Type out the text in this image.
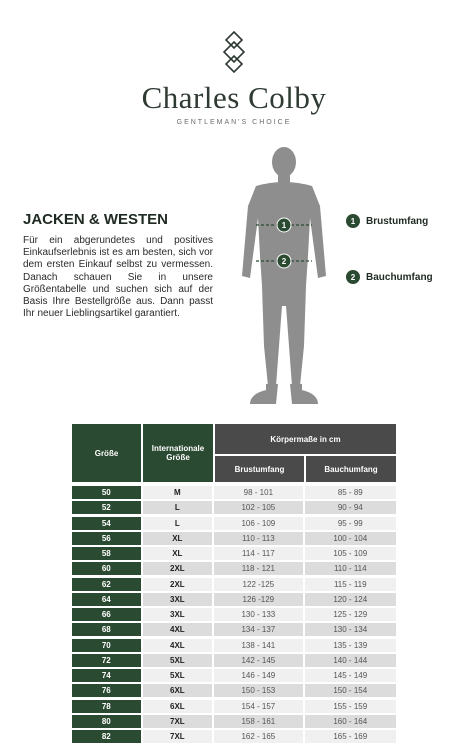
Charles Colby
GENTLEMAN'S CHOICE
JACKEN & WESTEN
Für ein abgerundetes und positives Einkaufserlebnis ist es am besten, sich vor dem ersten Einkauf selbst zu vermessen. Danach schauen Sie in unsere Größentabelle und suchen sich auf der Basis Ihre Bestellgröße aus. Dann passt Ihr neuer Lieblingsartikel garantiert.
1
2
1	Brustumfang
2	Bauchumfang
Größe	Internationale Größe
Körpermaße in cm
Brustumfang	Bauchumfang
50	M	98 - 101	85 - 89
52	L	102 - 105	90 - 94
54	L	106 - 109	95 - 99
56	XL	110 - 113	100 - 104
58	XL	114 - 117	105 - 109
60	2XL	118 - 121	110 - 114
62	2XL	122 -125	115 - 119
64	3XL	126 -129	120 - 124
66	3XL	130 - 133	125 - 129
68	4XL	134 - 137	130 - 134
70	4XL	138 - 141	135 - 139
72	5XL	142 - 145	140 - 144
74	5XL	146 - 149	145 - 149
76	6XL	150 - 153	150 - 154
78	6XL	154 - 157	155 - 159
80	7XL	158 - 161	160 - 164
82	7XL	162 - 165	165 - 169
